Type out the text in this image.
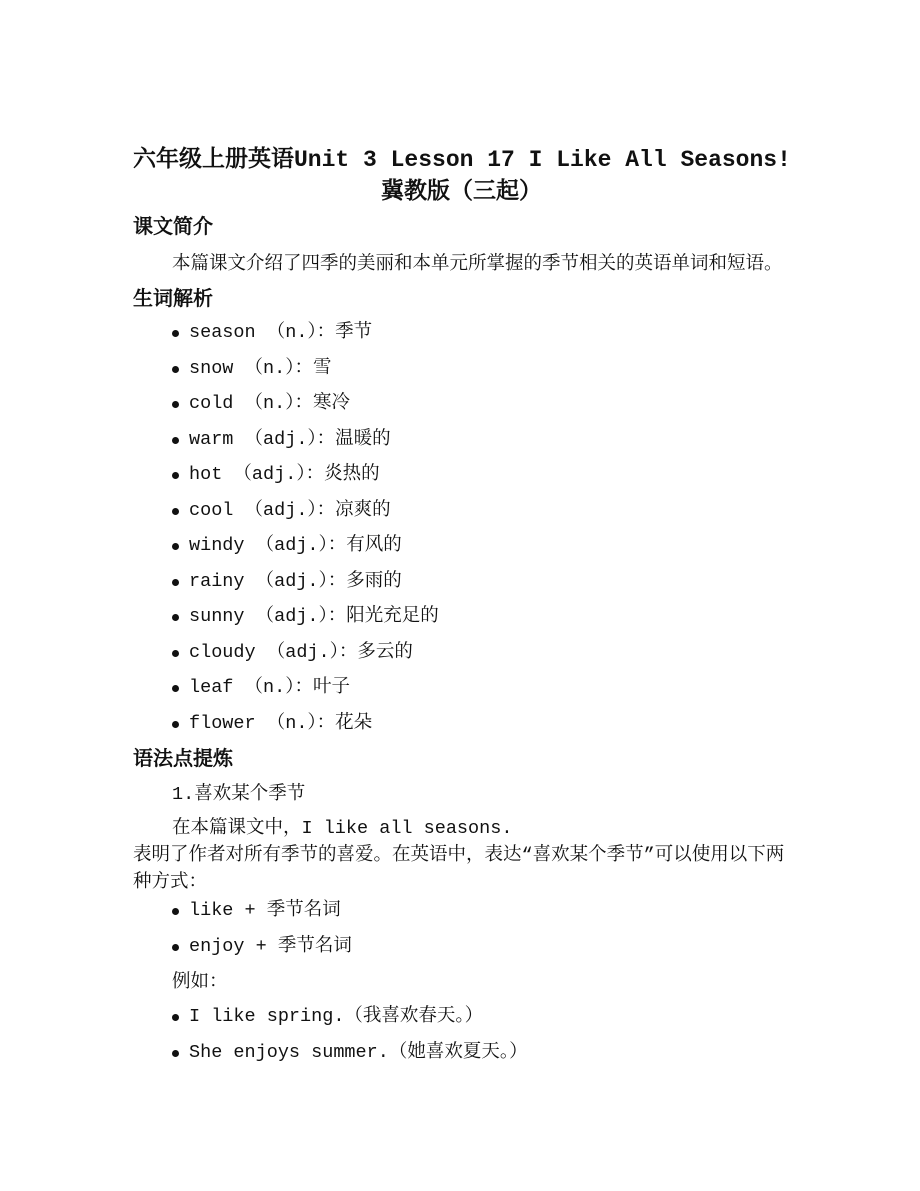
六年级上册英语Unit 3 Lesson 17 I Like All Seasons!
冀教版（三起）
课文简介
本篇课文介绍了四季的美丽和本单元所掌握的季节相关的英语单词和短语。
生词解析
season （n.）：季节
snow （n.）：雪
cold （n.）：寒冷
warm （adj.）：温暖的
hot （adj.）：炎热的
cool （adj.）：凉爽的
windy （adj.）：有风的
rainy （adj.）：多雨的
sunny （adj.）：阳光充足的
cloudy （adj.）：多云的
leaf （n.）：叶子
flower （n.）：花朵
语法点提炼
1.喜欢某个季节
在本篇课文中，I like all seasons.
表明了作者对所有季节的喜爱。在英语中，表达“喜欢某个季节”可以使用以下两
种方式：
like + 季节名词
enjoy + 季节名词
例如：
I like spring.（我喜欢春天。）
She enjoys summer.（她喜欢夏天。）
